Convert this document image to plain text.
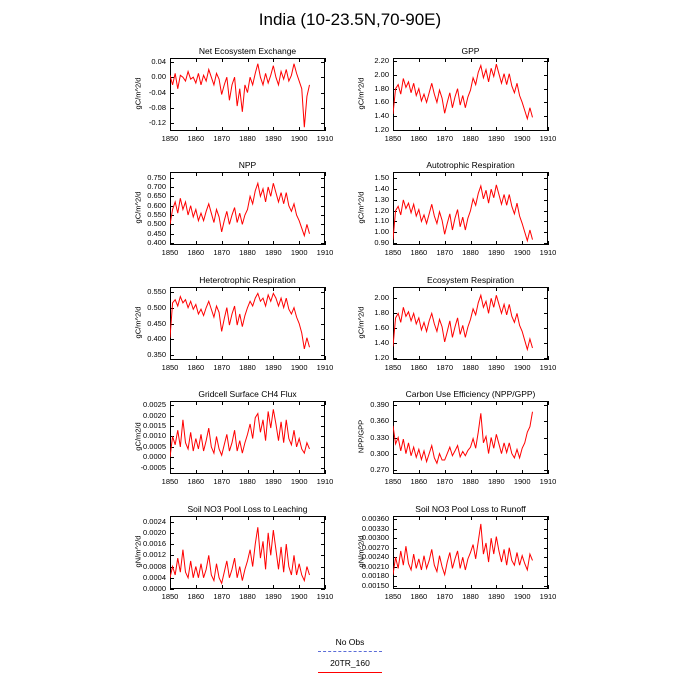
India (10-23.5N,70-90E)
Net Ecosystem Exchange
gC/m^2/d
0.04
0.00
-0.04
-0.08
-0.12
1850	1860	1870	1880	1890	1900	1910
GPP
gC/m^2/d
2.20
2.00
1.80
1.60
1.40
1.20
1850	1860	1870	1880	1890	1900	1910
NPP
gC/m^2/d
0.750
0.700
0.650
0.600
0.550
0.500
0.450
0.400
1850	1860	1870	1880	1890	1900	1910
Autotrophic Respiration
gC/m^2/d
1.50
1.40
1.30
1.20
1.10
1.00
0.90
1850	1860	1870	1880	1890	1900	1910
Heterotrophic Respiration
gC/m^2/d
0.550
0.500
0.450
0.400
0.350
1850	1860	1870	1880	1890	1900	1910
Ecosystem Respiration
gC/m^2/d
2.00
1.80
1.60
1.40
1.20
1850	1860	1870	1880	1890	1900	1910
Gridcell Surface CH4 Flux
gC/m2/d
0.0025
0.0020
0.0015
0.0010
0.0005
0.0000
-0.0005
1850	1860	1870	1880	1890	1900	1910
Carbon Use Efficiency (NPP/GPP)
NPP/GPP
0.390
0.360
0.330
0.300
0.270
1850	1860	1870	1880	1890	1900	1910
Soil NO3 Pool Loss to Leaching
gN/m^2/d
0.0024
0.0020
0.0016
0.0012
0.0008
0.0004
0.0000
1850	1860	1870	1880	1890	1900	1910
Soil NO3 Pool Loss to Runoff
gN/m^2/d
0.00360
0.00330
0.00300
0.00270
0.00240
0.00210
0.00180
0.00150
1850	1860	1870	1880	1890	1900	1910
No Obs
20TR_160
